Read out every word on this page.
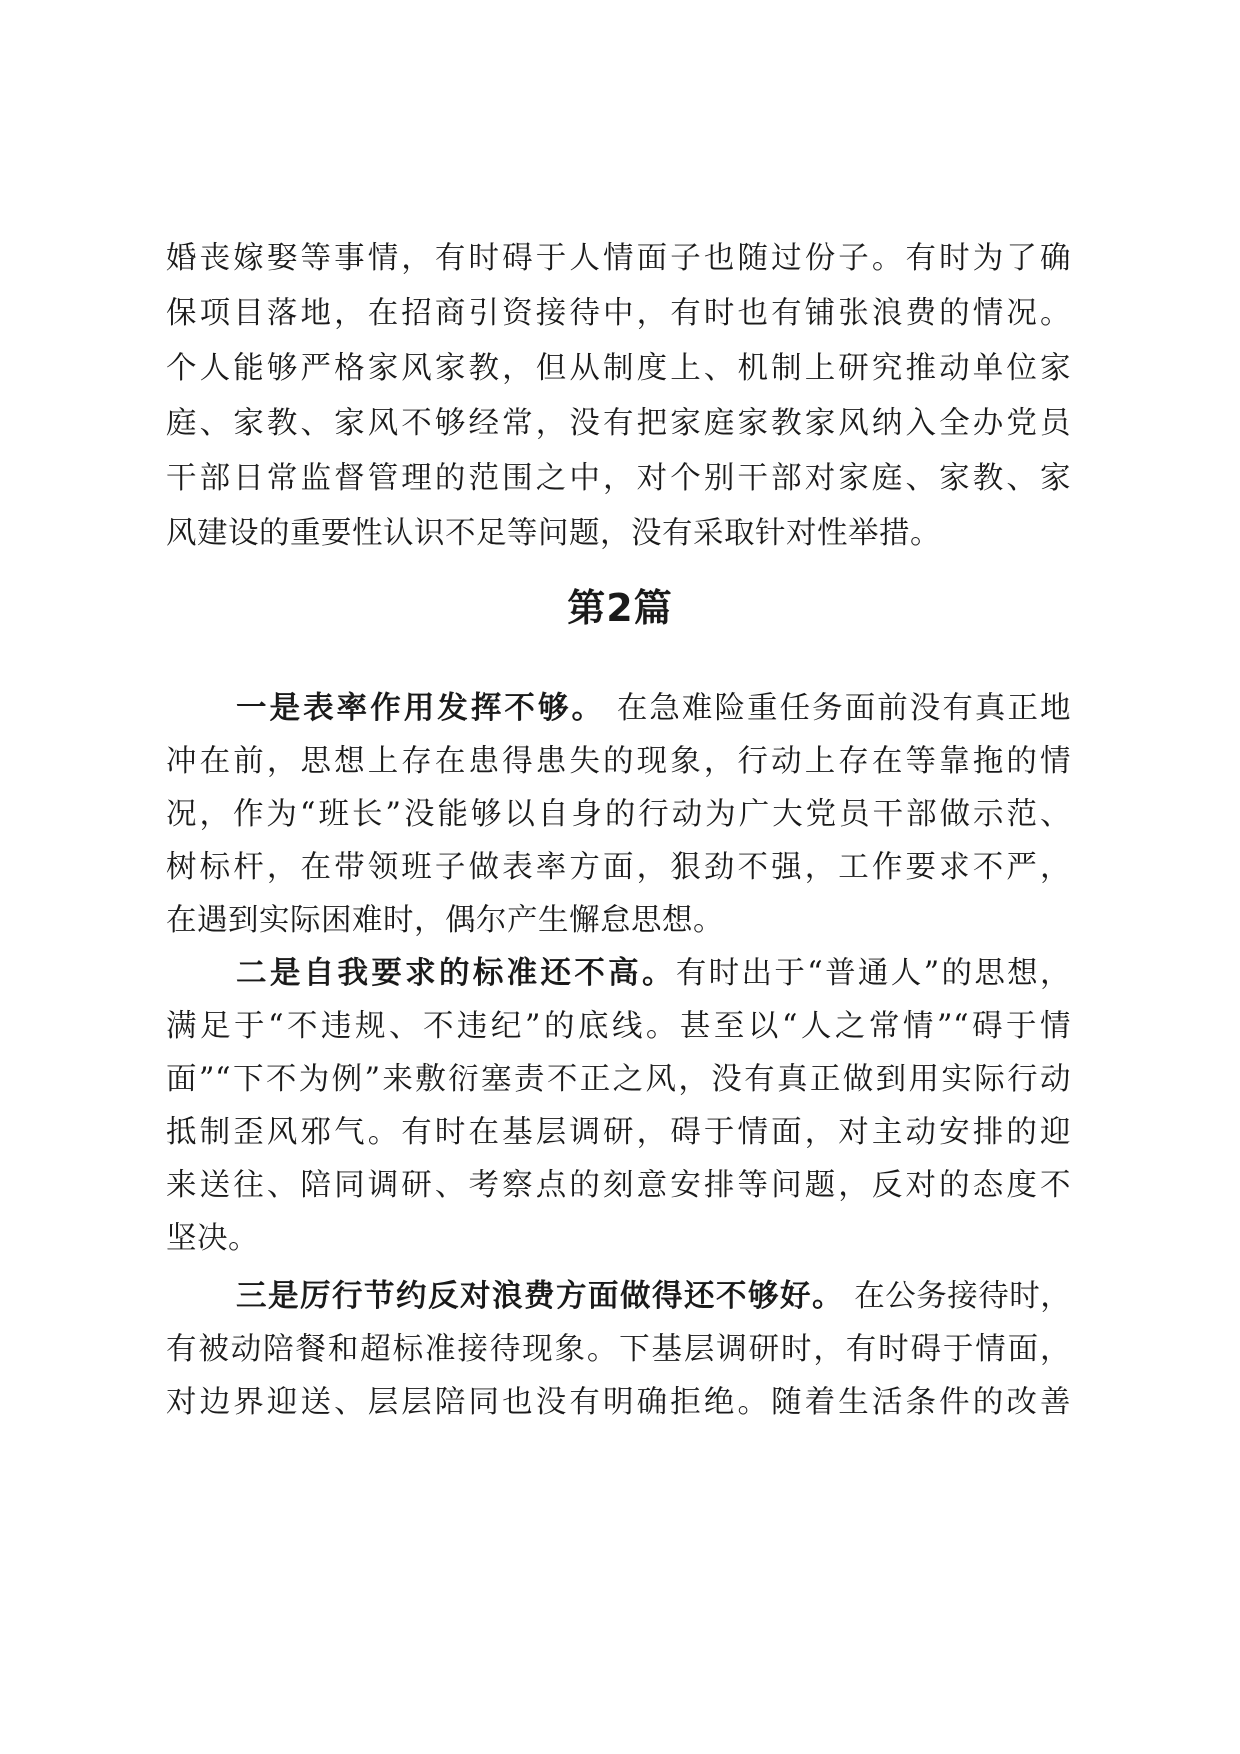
婚丧嫁娶等事情，有时碍于人情面子也随过份子。有时为了确
保项目落地，在招商引资接待中，有时也有铺张浪费的情况。
个人能够严格家风家教，但从制度上、机制上研究推动单位家
庭、家教、家风不够经常，没有把家庭家教家风纳入全办党员
干部日常监督管理的范围之中，对个别干部对家庭、家教、家
风建设的重要性认识不足等问题，没有采取针对性举措。
第2篇
一是表率作用发挥不够。 在急难险重任务面前没有真正地
冲在前，思想上存在患得患失的现象，行动上存在等靠拖的情
况，作为“班长”没能够以自身的行动为广大党员干部做示范、
树标杆，在带领班子做表率方面，狠劲不强，工作要求不严，
在遇到实际困难时，偶尔产生懈怠思想。
二是自我要求的标准还不高。有时出于“普通人”的思想，
满足于“不违规、不违纪”的底线。甚至以“人之常情”“碍于情
面”“下不为例”来敷衍塞责不正之风，没有真正做到用实际行动
抵制歪风邪气。有时在基层调研，碍于情面，对主动安排的迎
来送往、陪同调研、考察点的刻意安排等问题，反对的态度不
坚决。
三是厉行节约反对浪费方面做得还不够好。 在公务接待时，
有被动陪餐和超标准接待现象。下基层调研时，有时碍于情面，
对边界迎送、层层陪同也没有明确拒绝。随着生活条件的改善
